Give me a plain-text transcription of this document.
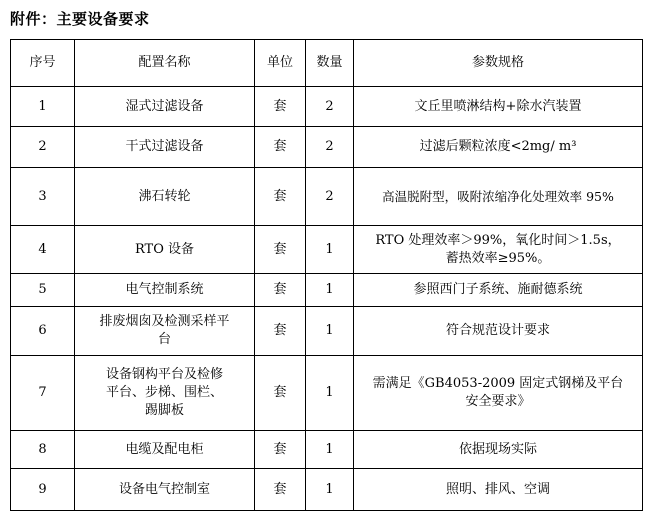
附件：主要设备要求
序号	配置名称	单位	数量	参数规格
1	湿式过滤设备	套	2	文丘里喷淋结构+除水汽装置
2	干式过滤设备	套	2	过滤后颗粒浓度<2mg/ m³
3	沸石转轮	套	2	高温脱附型，吸附浓缩净化处理效率 95%
4	RTO 设备	套	1	RTO 处理效率＞99%，氧化时间＞1.5s，
蓄热效率≥95%。

5	电气控制系统	套	1	参照西门子系统、施耐德系统
6	排废烟囱及检测采样平台	套	1	符合规范设计要求
7	设备钢构平台及检修平台、步梯、围栏、踢脚板	套	1	需满足《GB4053-2009 固定式钢梯及平台
安全要求》

8	电缆及配电柜	套	1	依据现场实际
9	设备电气控制室	套	1	照明、排风、空调
